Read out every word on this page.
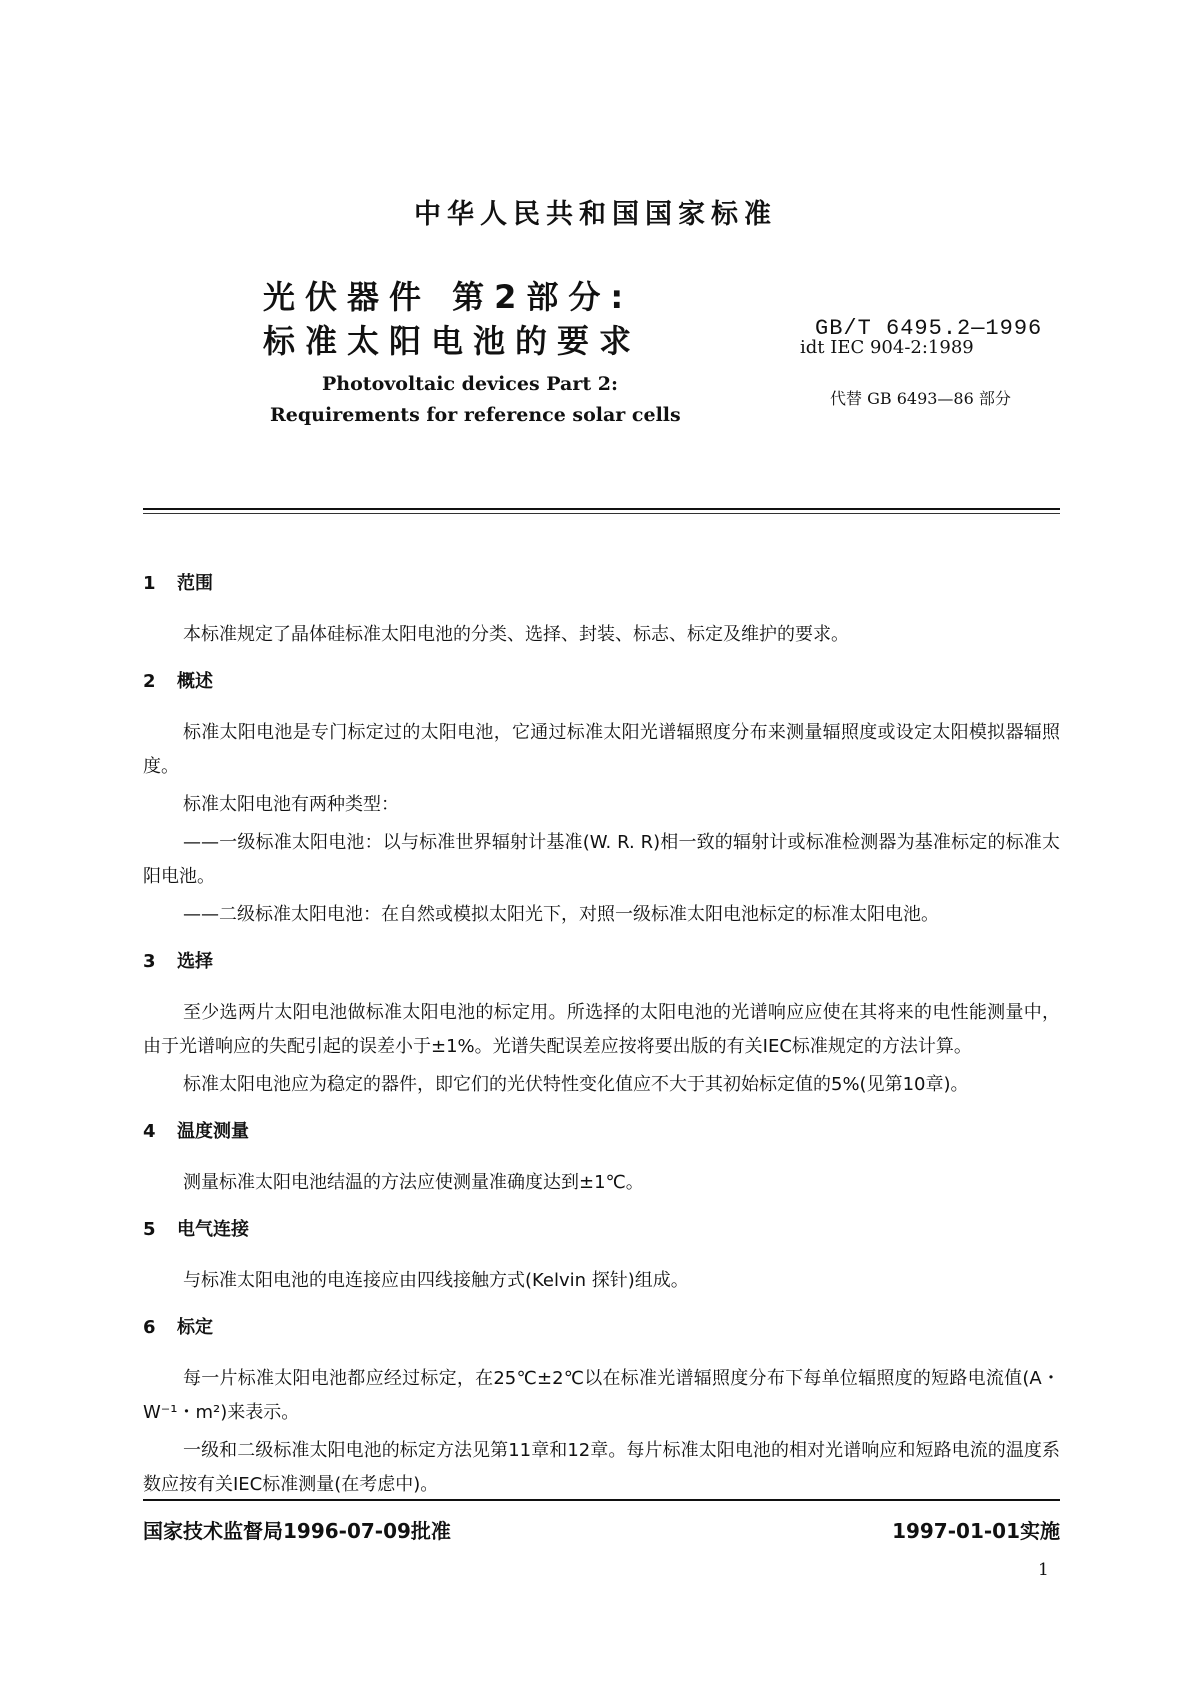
中华人民共和国国家标准
光伏器件 第2部分:
标准太阳电池的要求	GB/T 6495.2—1996
idt IEC 904-2:1989
代替 GB 6493—86 部分
Photovoltaic devices Part 2:
Requirements for reference solar cells
1 范围

本标准规定了晶体硅标准太阳电池的分类、选择、封装、标志、标定及维护的要求。

2 概述

标准太阳电池是专门标定过的太阳电池，它通过标准太阳光谱辐照度分布来测量辐照度或设定太阳模拟器辐照度。

标准太阳电池有两种类型：

——一级标准太阳电池：以与标准世界辐射计基准(W. R. R)相一致的辐射计或标准检测器为基准标定的标准太阳电池。

——二级标准太阳电池：在自然或模拟太阳光下，对照一级标准太阳电池标定的标准太阳电池。

3 选择

至少选两片太阳电池做标准太阳电池的标定用。所选择的太阳电池的光谱响应应使在其将来的电性能测量中，由于光谱响应的失配引起的误差小于±1%。光谱失配误差应按将要出版的有关IEC标准规定的方法计算。

标准太阳电池应为稳定的器件，即它们的光伏特性变化值应不大于其初始标定值的5%(见第10章)。

4 温度测量

测量标准太阳电池结温的方法应使测量准确度达到±1℃。

5 电气连接

与标准太阳电池的电连接应由四线接触方式(Kelvin 探针)组成。

6 标定

每一片标准太阳电池都应经过标定，在25℃±2℃以在标准光谱辐照度分布下每单位辐照度的短路电流值(A・W⁻¹・m²)来表示。

一级和二级标准太阳电池的标定方法见第11章和12章。每片标准太阳电池的相对光谱响应和短路电流的温度系数应按有关IEC标准测量(在考虑中)。

国家技术监督局1996-07-09批准	1997-01-01实施
1
